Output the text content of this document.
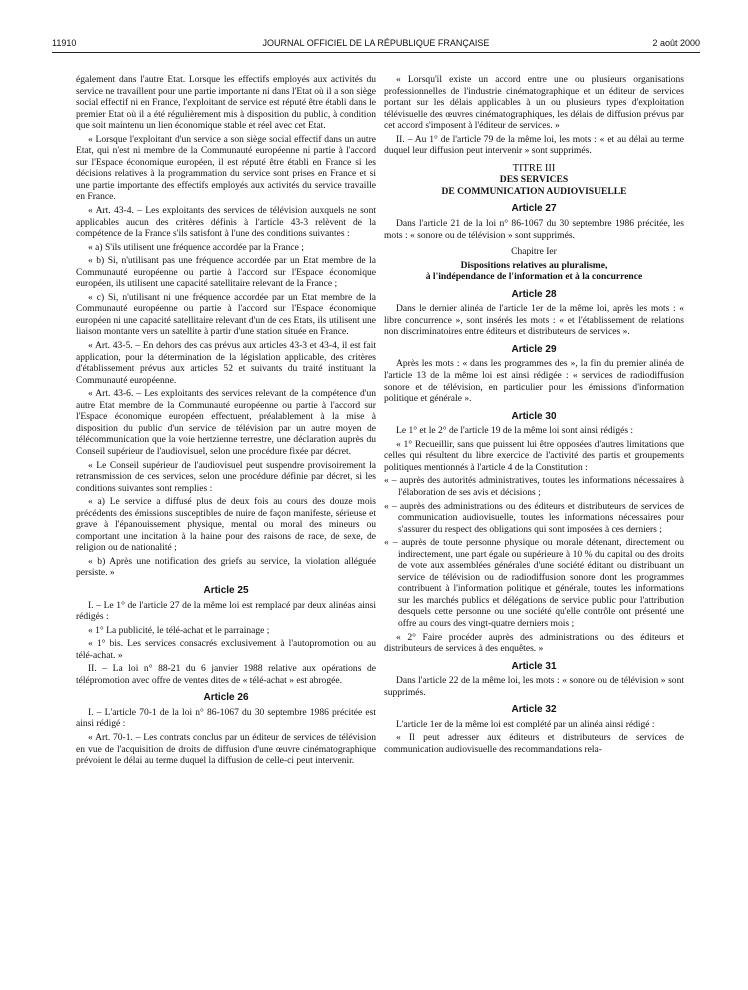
11910	JOURNAL OFFICIEL DE LA RÉPUBLIQUE FRANÇAISE	2 août 2000

également dans l'autre Etat. Lorsque les effectifs employés aux activités du service ne travaillent pour une partie importante ni dans l'Etat où il a son siège social effectif ni en France, l'exploitant de service est réputé être établi dans le premier Etat où il a été régulièrement mis à disposition du public, à condition que soit maintenu un lien économique stable et réel avec cet Etat.

« Lorsque l'exploitant d'un service a son siège social effectif dans un autre Etat, qui n'est ni membre de la Communauté européenne ni partie à l'accord sur l'Espace économique européen, il est réputé être établi en France si les décisions relatives à la programmation du service sont prises en France et si une partie importante des effectifs employés aux activités du service travaille en France.

« Art. 43-4. – Les exploitants des services de télévision auxquels ne sont applicables aucun des critères définis à l'article 43-3 relèvent de la compétence de la France s'ils satisfont à l'une des conditions suivantes :

« a) S'ils utilisent une fréquence accordée par la France ;

« b) Si, n'utilisant pas une fréquence accordée par un Etat membre de la Communauté européenne ou partie à l'accord sur l'Espace économique européen, ils utilisent une capacité satellitaire relevant de la France ;

« c) Si, n'utilisant ni une fréquence accordée par un Etat membre de la Communauté européenne ou partie à l'accord sur l'Espace économique européen ni une capacité satellitaire relevant d'un de ces Etats, ils utilisent une liaison montante vers un satellite à partir d'une station située en France.

« Art. 43-5. – En dehors des cas prévus aux articles 43-3 et 43-4, il est fait application, pour la détermination de la législation applicable, des critères d'établissement prévus aux articles 52 et suivants du traité instituant la Communauté européenne.

« Art. 43-6. – Les exploitants des services relevant de la compétence d'un autre Etat membre de la Communauté européenne ou partie à l'accord sur l'Espace économique européen effectuent, préalablement à la mise à disposition du public d'un service de télévision par un autre moyen de télécommunication que la voie hertzienne terrestre, une déclaration auprès du Conseil supérieur de l'audiovisuel, selon une procédure fixée par décret.

« Le Conseil supérieur de l'audiovisuel peut suspendre provisoirement la retransmission de ces services, selon une procédure définie par décret, si les conditions suivantes sont remplies :

« a) Le service a diffusé plus de deux fois au cours des douze mois précédents des émissions susceptibles de nuire de façon manifeste, sérieuse et grave à l'épanouissement physique, mental ou moral des mineurs ou comportant une incitation à la haine pour des raisons de race, de sexe, de religion ou de nationalité ;

« b) Après une notification des griefs au service, la violation alléguée persiste. »

Article 25

I. – Le 1° de l'article 27 de la même loi est remplacé par deux alinéas ainsi rédigés :

« 1° La publicité, le télé-achat et le parrainage ;

« 1° bis. Les services consacrés exclusivement à l'autopromotion ou au télé-achat. »

II. – La loi n° 88-21 du 6 janvier 1988 relative aux opérations de télépromotion avec offre de ventes dites de « télé-achat » est abrogée.

Article 26

I. – L'article 70-1 de la loi n° 86-1067 du 30 septembre 1986 précitée est ainsi rédigé :

« Art. 70-1. – Les contrats conclus par un éditeur de services de télévision en vue de l'acquisition de droits de diffusion d'une œuvre cinématographique prévoient le délai au terme duquel la diffusion de celle-ci peut intervenir.

« Lorsqu'il existe un accord entre une ou plusieurs organisations professionnelles de l'industrie cinématographique et un éditeur de services portant sur les délais applicables à un ou plusieurs types d'exploitation télévisuelle des œuvres cinématographiques, les délais de diffusion prévus par cet accord s'imposent à l'éditeur de services. »

II. – Au 1° de l'article 79 de la même loi, les mots : « et au délai au terme duquel leur diffusion peut intervenir » sont supprimés.

TITRE III
DES SERVICES
DE COMMUNICATION AUDIOVISUELLE
Article 27

Dans l'article 21 de la loi n° 86-1067 du 30 septembre 1986 précitée, les mots : « sonore ou de télévision » sont supprimés.

Chapitre Ier
Dispositions relatives au pluralisme,
à l'indépendance de l'information et à la concurrence
Article 28

Dans le dernier alinéa de l'article 1er de la même loi, après les mots : « libre concurrence », sont insérés les mots : « et l'établissement de relations non discriminatoires entre éditeurs et distributeurs de services ».

Article 29

Après les mots : « dans les programmes des », la fin du premier alinéa de l'article 13 de la même loi est ainsi rédigée : « services de radiodiffusion sonore et de télévision, en particulier pour les émissions d'information politique et générale ».

Article 30

Le 1° et le 2° de l'article 19 de la même loi sont ainsi rédigés :

« 1° Recueillir, sans que puissent lui être opposées d'autres limitations que celles qui résultent du libre exercice de l'activité des partis et groupements politiques mentionnés à l'article 4 de la Constitution :

« – auprès des autorités administratives, toutes les informations nécessaires à l'élaboration de ses avis et décisions ;

« – auprès des administrations ou des éditeurs et distributeurs de services de communication audiovisuelle, toutes les informations nécessaires pour s'assurer du respect des obligations qui sont imposées à ces derniers ;

« – auprès de toute personne physique ou morale détenant, directement ou indirectement, une part égale ou supérieure à 10 % du capital ou des droits de vote aux assemblées générales d'une société éditant ou distribuant un service de télévision ou de radiodiffusion sonore dont les programmes contribuent à l'information politique et générale, toutes les informations sur les marchés publics et délégations de service public pour l'attribution desquels cette personne ou une société qu'elle contrôle ont présenté une offre au cours des vingt-quatre derniers mois ;

« 2° Faire procéder auprès des administrations ou des éditeurs et distributeurs de services à des enquêtes. »

Article 31

Dans l'article 22 de la même loi, les mots : « sonore ou de télévision » sont supprimés.

Article 32

L'article 1er de la même loi est complété par un alinéa ainsi rédigé :

« Il peut adresser aux éditeurs et distributeurs de services de communication audiovisuelle des recommandations rela-
